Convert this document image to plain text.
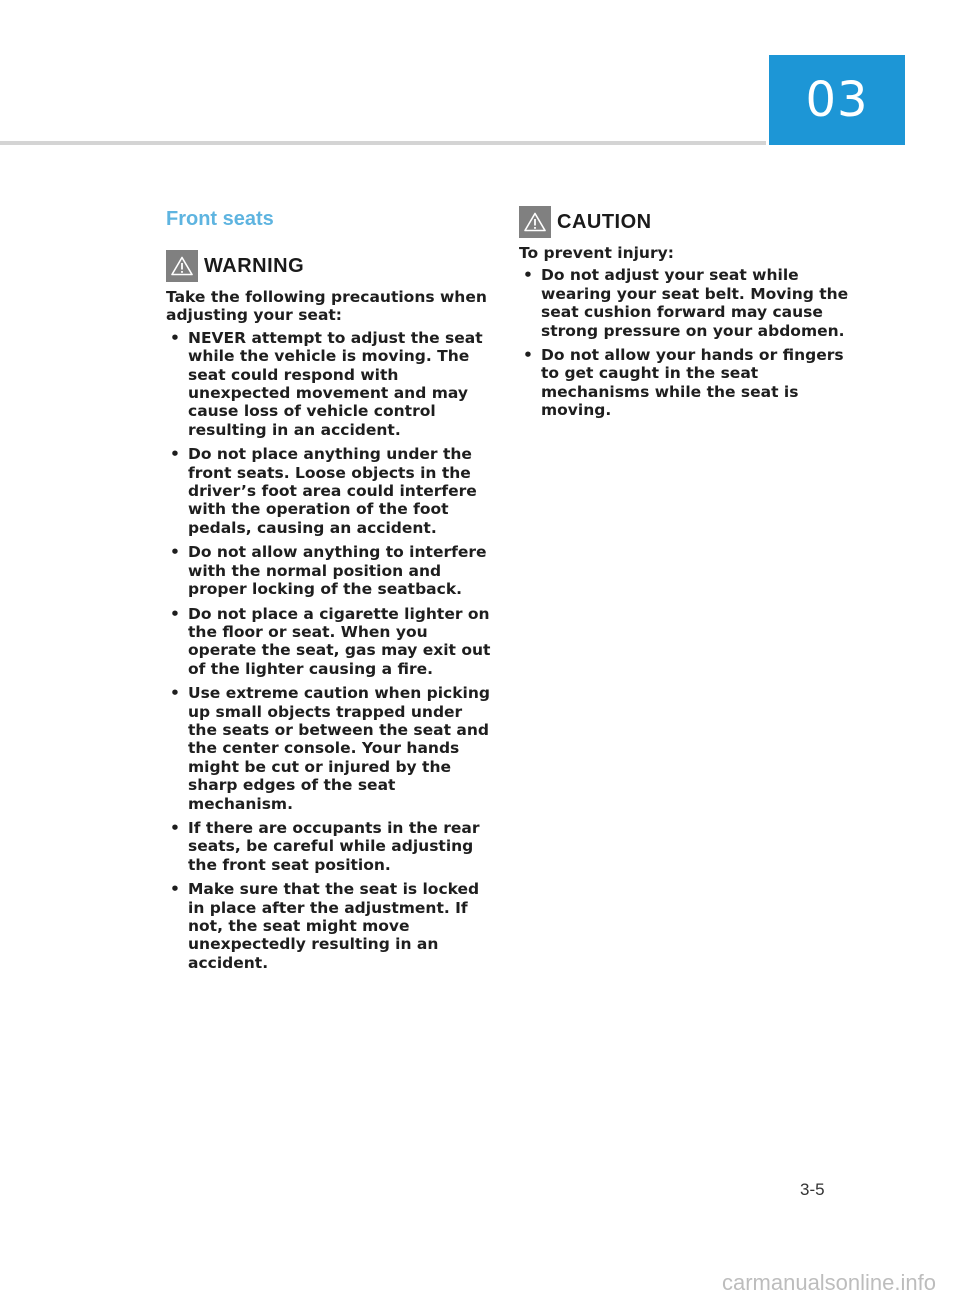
03
Front seats
WARNING
Take the following precautions when adjusting your seat:
• NEVER attempt to adjust the seat while the vehicle is moving. The seat could respond with unexpected movement and may cause loss of vehicle control resulting in an accident.
• Do not place anything under the front seats. Loose objects in the driver’s foot area could interfere with the operation of the foot pedals, causing an accident.
• Do not allow anything to interfere with the normal position and proper locking of the seatback.
• Do not place a cigarette lighter on the floor or seat. When you operate the seat, gas may exit out of the lighter causing a fire.
• Use extreme caution when picking up small objects trapped under the seats or between the seat and the center console. Your hands might be cut or injured by the sharp edges of the seat mechanism.
• If there are occupants in the rear seats, be careful while adjusting the front seat position.
• Make sure that the seat is locked in place after the adjustment. If not, the seat might move unexpectedly resulting in an accident.
CAUTION
To prevent injury:
• Do not adjust your seat while wearing your seat belt. Moving the seat cushion forward may cause strong pressure on your abdomen.
• Do not allow your hands or fingers to get caught in the seat mechanisms while the seat is moving.
3-5
carmanualsonline.info
